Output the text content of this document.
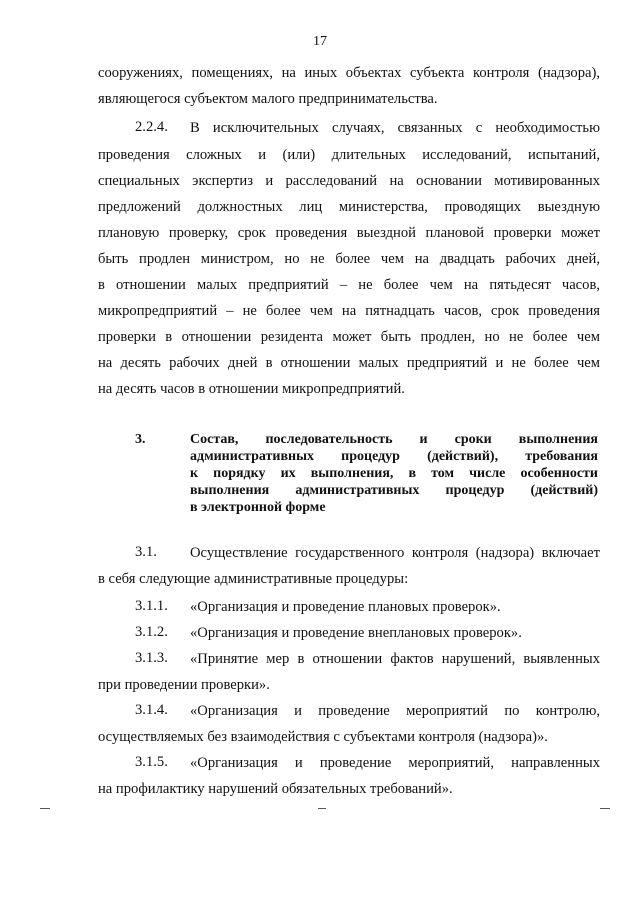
17
сооружениях, помещениях, на иных объектах субъекта контроля (надзора),
являющегося субъектом малого предпринимательства.
2.2.4. В исключительных случаях, связанных с необходимостью
проведения сложных и (или) длительных исследований, испытаний,
специальных экспертиз и расследований на основании мотивированных
предложений должностных лиц министерства, проводящих выездную
плановую проверку, срок проведения выездной плановой проверки может
быть продлен министром, но не более чем на двадцать рабочих дней,
в отношении малых предприятий – не более чем на пятьдесят часов,
микропредприятий – не более чем на пятнадцать часов, срок проведения
проверки в отношении резидента может быть продлен, но не более чем
на десять рабочих дней в отношении малых предприятий и не более чем
на десять часов в отношении микропредприятий.
3.	Состав, последовательность и сроки выполнения
административных процедур (действий), требования
к порядку их выполнения, в том числе особенности
выполнения административных процедур (действий)
в электронной форме
3.1. Осуществление государственного контроля (надзора) включает
в себя следующие административные процедуры:
3.1.1. «Организация и проведение плановых проверок».
3.1.2. «Организация и проведение внеплановых проверок».
3.1.3. «Принятие мер в отношении фактов нарушений, выявленных
при проведении проверки».
3.1.4. «Организация и проведение мероприятий по контролю,
осуществляемых без взаимодействия с субъектами контроля (надзора)».
3.1.5. «Организация и проведение мероприятий, направленных
на профилактику нарушений обязательных требований».
